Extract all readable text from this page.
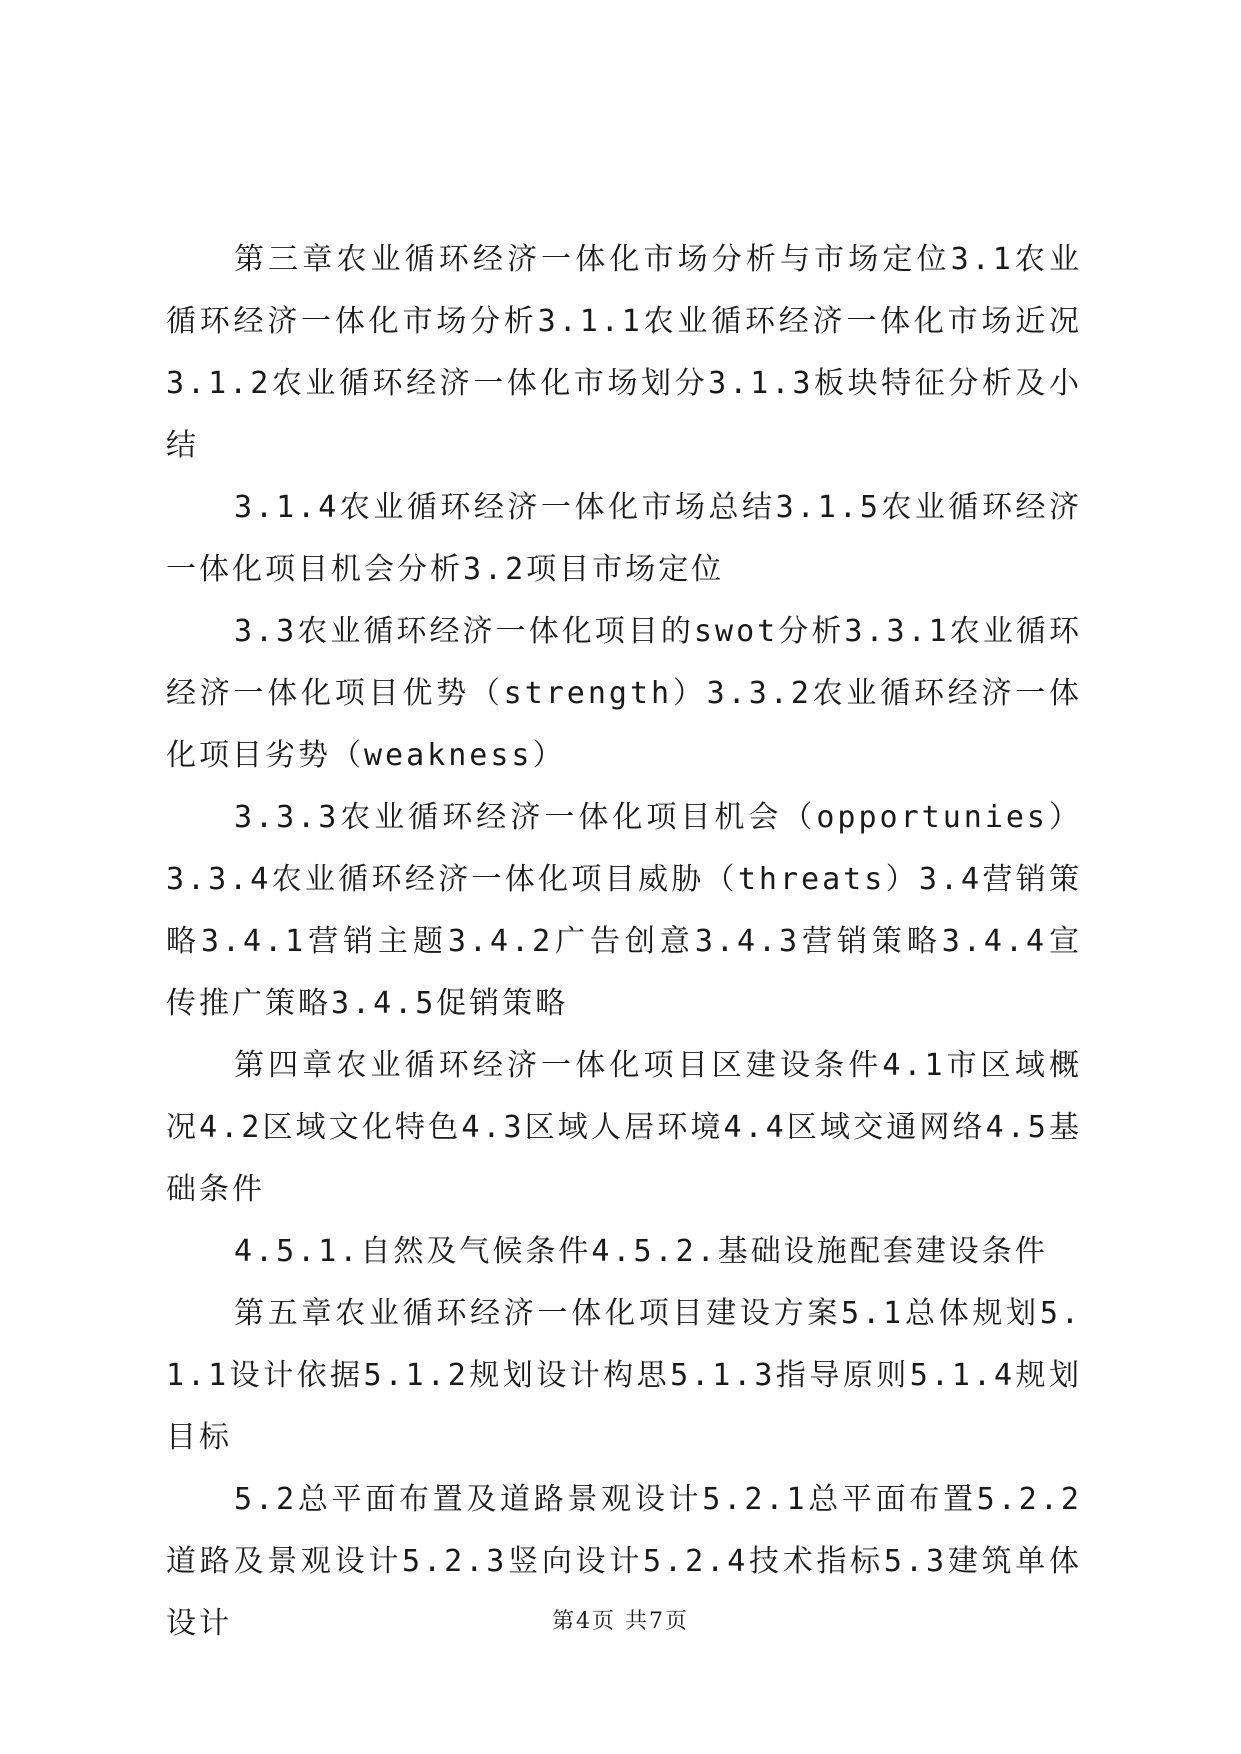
第三章农业循环经济一体化市场分析与市场定位3.1农业循环经济一体化市场分析3.1.1农业循环经济一体化市场近况3.1.2农业循环经济一体化市场划分3.1.3板块特征分析及小结

3.1.4农业循环经济一体化市场总结3.1.5农业循环经济一体化项目机会分析3.2项目市场定位

3.3农业循环经济一体化项目的swot分析3.3.1农业循环经济一体化项目优势（strength）3.3.2农业循环经济一体化项目劣势（weakness）

3.3.3农业循环经济一体化项目机会（opportunies）3.3.4农业循环经济一体化项目威胁（threats）3.4营销策略3.4.1营销主题3.4.2广告创意3.4.3营销策略3.4.4宣传推广策略3.4.5促销策略

第四章农业循环经济一体化项目区建设条件4.1市区域概况4.2区域文化特色4.3区域人居环境4.4区域交通网络4.5基础条件

4.5.1.自然及气候条件4.5.2.基础设施配套建设条件

第五章农业循环经济一体化项目建设方案5.1总体规划5.1.1设计依据5.1.2规划设计构思5.1.3指导原则5.1.4规划目标

5.2总平面布置及道路景观设计5.2.1总平面布置5.2.2道路及景观设计5.2.3竖向设计5.2.4技术指标5.3建筑单体设计	第4页 共7页
